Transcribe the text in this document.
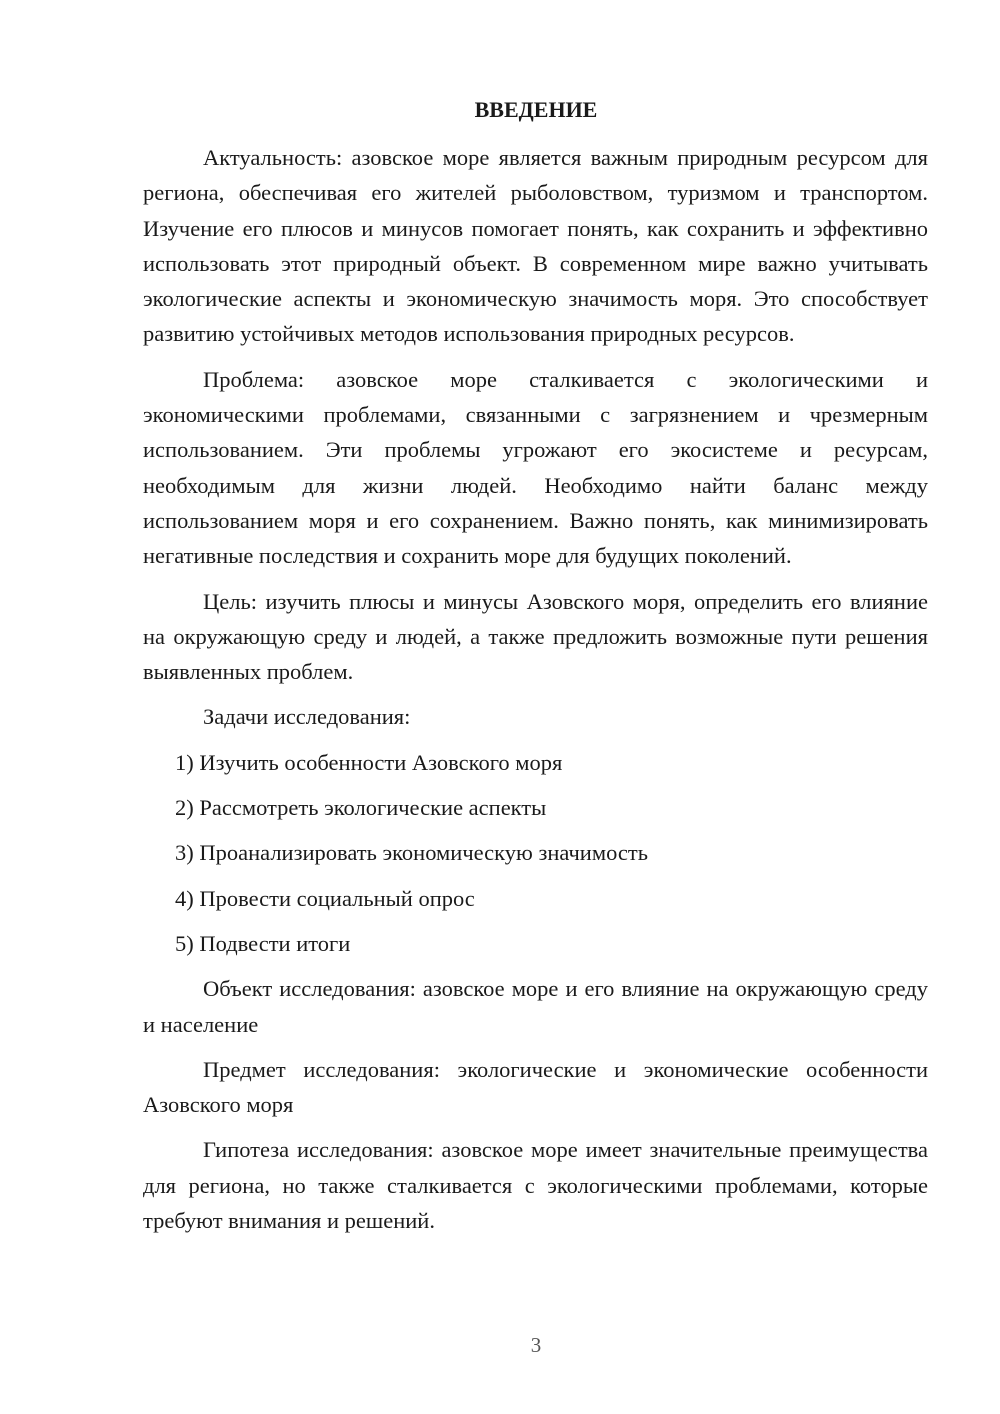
ВВЕДЕНИЕ

Актуальность: азовское море является важным природным ресурсом для региона, обеспечивая его жителей рыболовством, туризмом и транспортом. Изучение его плюсов и минусов помогает понять, как сохранить и эффективно использовать этот природный объект. В современном мире важно учитывать экологические аспекты и экономическую значимость моря. Это способствует развитию устойчивых методов использования природных ресурсов.

Проблема: азовское море сталкивается с экологическими и экономическими проблемами, связанными с загрязнением и чрезмерным использованием. Эти проблемы угрожают его экосистеме и ресурсам, необходимым для жизни людей. Необходимо найти баланс между использованием моря и его сохранением. Важно понять, как минимизировать негативные последствия и сохранить море для будущих поколений.

Цель: изучить плюсы и минусы Азовского моря, определить его влияние на окружающую среду и людей, а также предложить возможные пути решения выявленных проблем.

Задачи исследования:

1) Изучить особенности Азовского моря
2) Рассмотреть экологические аспекты
3) Проанализировать экономическую значимость
4) Провести социальный опрос
5) Подвести итоги

Объект исследования: азовское море и его влияние на окружающую среду и население

Предмет исследования: экологические и экономические особенности Азовского моря

Гипотеза исследования: азовское море имеет значительные преимущества для региона, но также сталкивается с экологическими проблемами, которые требуют внимания и решений.

3
